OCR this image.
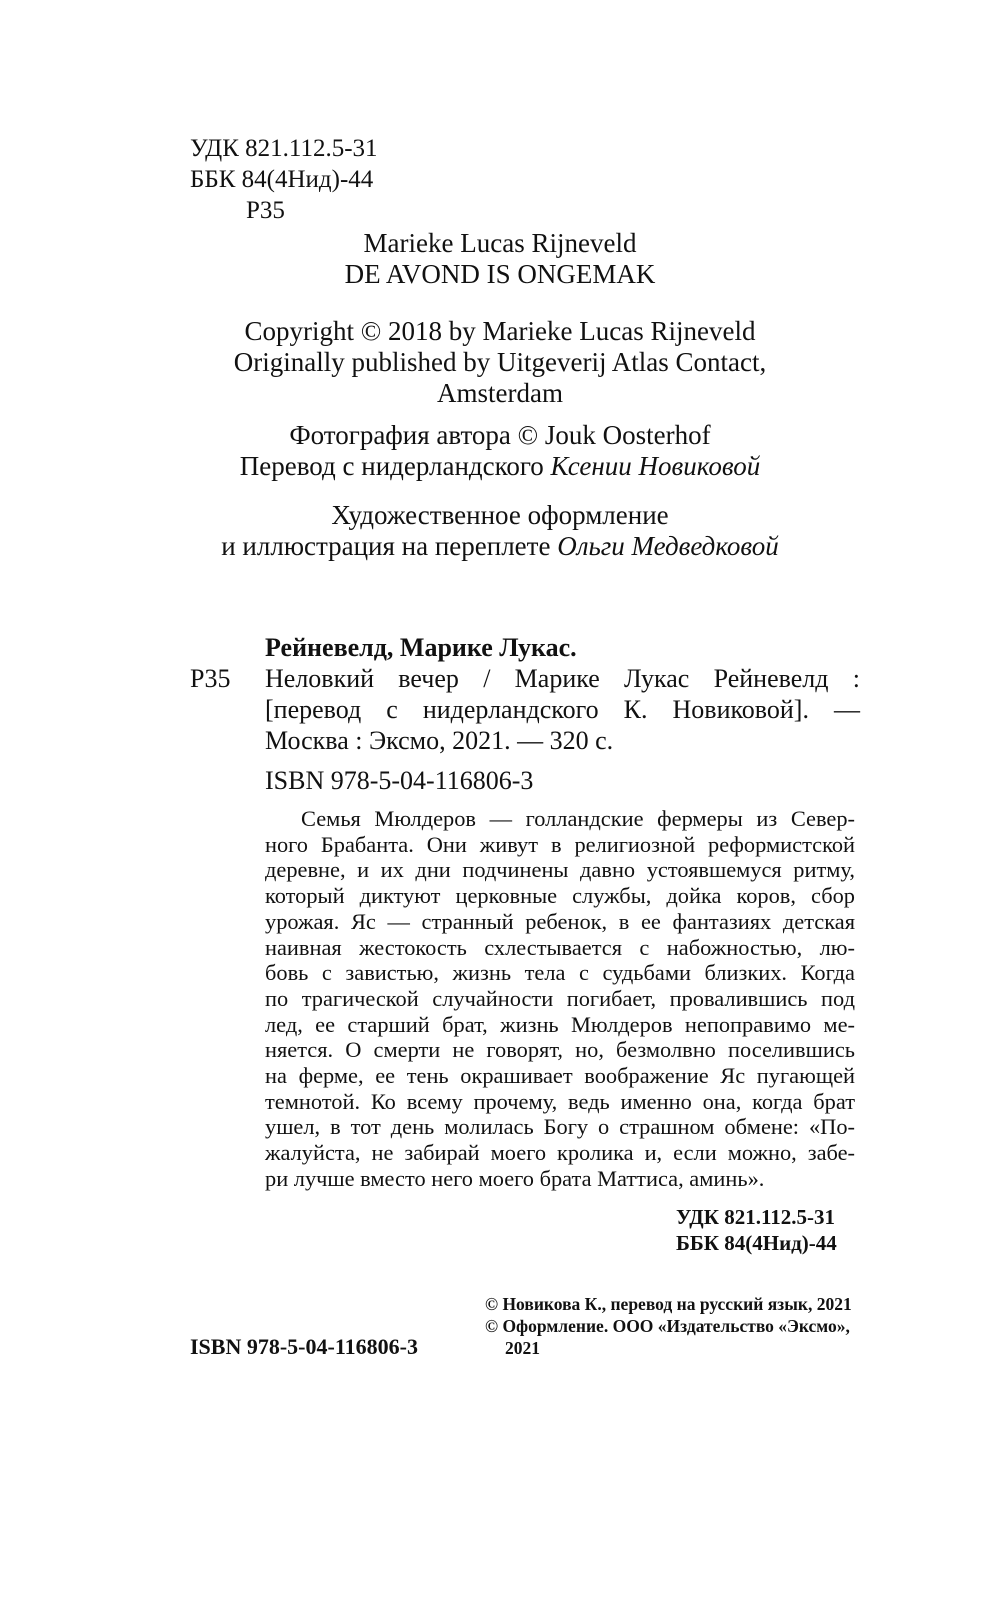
УДК 821.112.5-31
ББК 84(4Нид)-44
Р35
Marieke Lucas Rijneveld
DE AVOND IS ONGEMAK
Copyright © 2018 by Marieke Lucas Rijneveld
Originally published by Uitgeverij Atlas Contact,
Amsterdam
Фотография автора © Jouk Oosterhof
Перевод с нидерландского Ксении Новиковой
Художественное оформление
и иллюстрация на переплете Ольги Медведковой
Рейневелд, Марике Лукас.
Р35 Неловкий вечер / Марике Лукас Рейневелд :
[перевод с нидерландского К. Новиковой]. —
Москва : Эксмо, 2021. — 320 с.
ISBN 978-5-04-116806-3
Семья Мюлдеров — голландские фермеры из Север-
ного Брабанта. Они живут в религиозной реформистской
деревне, и их дни подчинены давно устоявшемуся ритму,
который диктуют церковные службы, дойка коров, сбор
урожая. Яс — странный ребенок, в ее фантазиях детская
наивная жестокость схлестывается с набожностью, лю-
бовь с завистью, жизнь тела с судьбами близких. Когда
по трагической случайности погибает, провалившись под
лед, ее старший брат, жизнь Мюлдеров непоправимо ме-
няется. О смерти не говорят, но, безмолвно поселившись
на ферме, ее тень окрашивает воображение Яс пугающей
темнотой. Ко всему прочему, ведь именно она, когда брат
ушел, в тот день молилась Богу о страшном обмене: «По-
жалуйста, не забирай моего кролика и, если можно, забе-
ри лучше вместо него моего брата Маттиса, аминь».
УДК 821.112.5-31
ББК 84(4Нид)-44
ISBN 978-5-04-116806-3
© Новикова К., перевод на русский язык, 2021
© Оформление. ООО «Издательство «Эксмо»,
2021
